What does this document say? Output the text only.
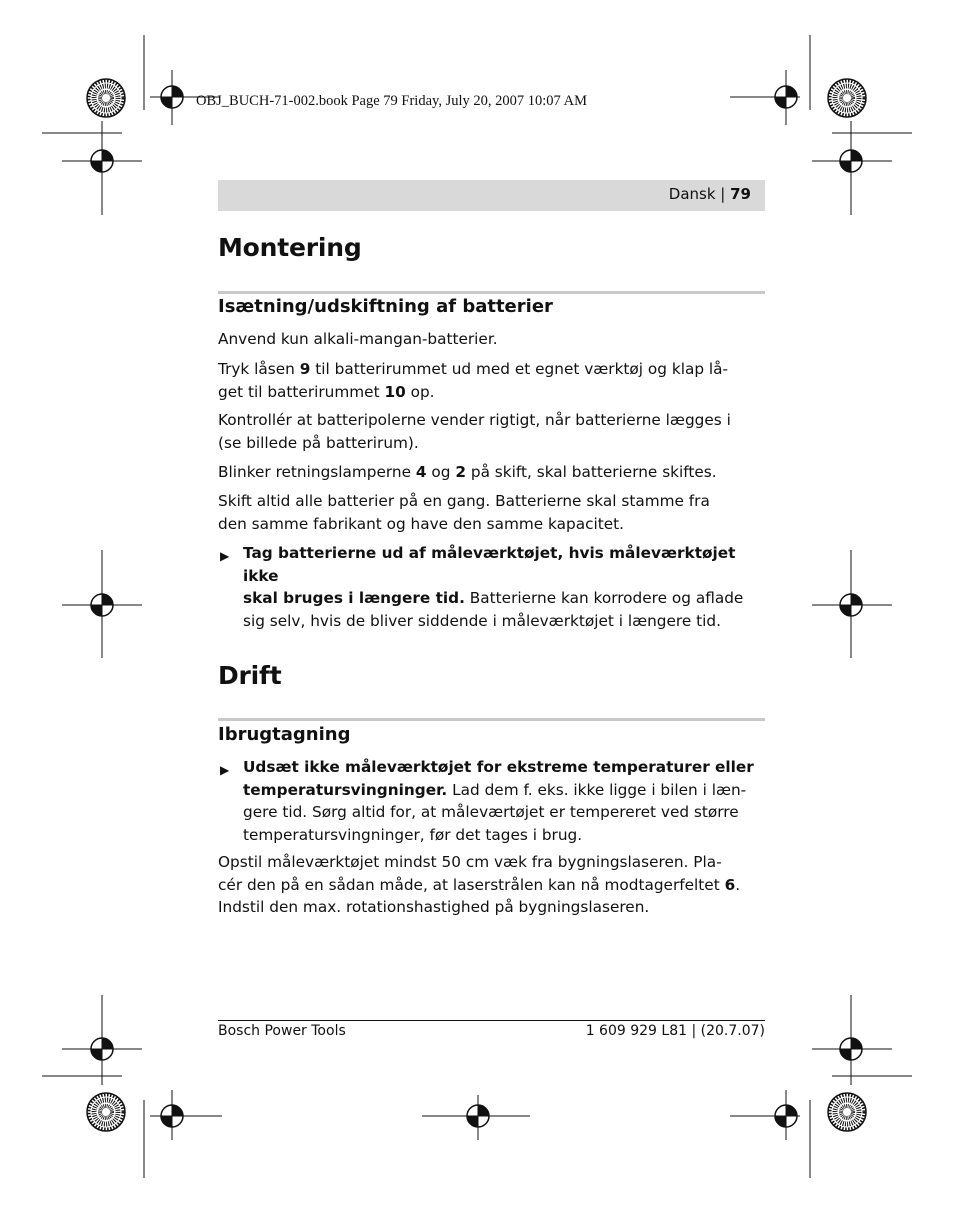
OBJ_BUCH-71-002.book Page 79 Friday, July 20, 2007 10:07 AM
Dansk | 79
Montering
Isætning/udskiftning af batterier

Anvend kun alkali-mangan-batterier.

Tryk låsen 9 til batterirummet ud med et egnet værktøj og klap lå-
get til batterirummet 10 op.

Kontrollér at batteripolerne vender rigtigt, når batterierne lægges i
(se billede på batterirum).

Blinker retningslamperne 4 og 2 på skift, skal batterierne skiftes.

Skift altid alle batterier på en gang. Batterierne skal stamme fra
den samme fabrikant og have den samme kapacitet.

▶ Tag batterierne ud af måleværktøjet, hvis måleværktøjet ikke
skal bruges i længere tid. Batterierne kan korrodere og aflade
sig selv, hvis de bliver siddende i måleværktøjet i længere tid.
Drift
Ibrugtagning
▶ Udsæt ikke måleværktøjet for ekstreme temperaturer eller
temperatursvingninger. Lad dem f. eks. ikke ligge i bilen i læn-
gere tid. Sørg altid for, at måleværtøjet er tempereret ved større
temperatursvingninger, før det tages i brug.

Opstil måleværktøjet mindst 50 cm væk fra bygningslaseren. Pla-
cér den på en sådan måde, at laserstrålen kan nå modtagerfeltet 6.
Indstil den max. rotationshastighed på bygningslaseren.

Bosch Power Tools	1 609 929 L81 | (20.7.07)
